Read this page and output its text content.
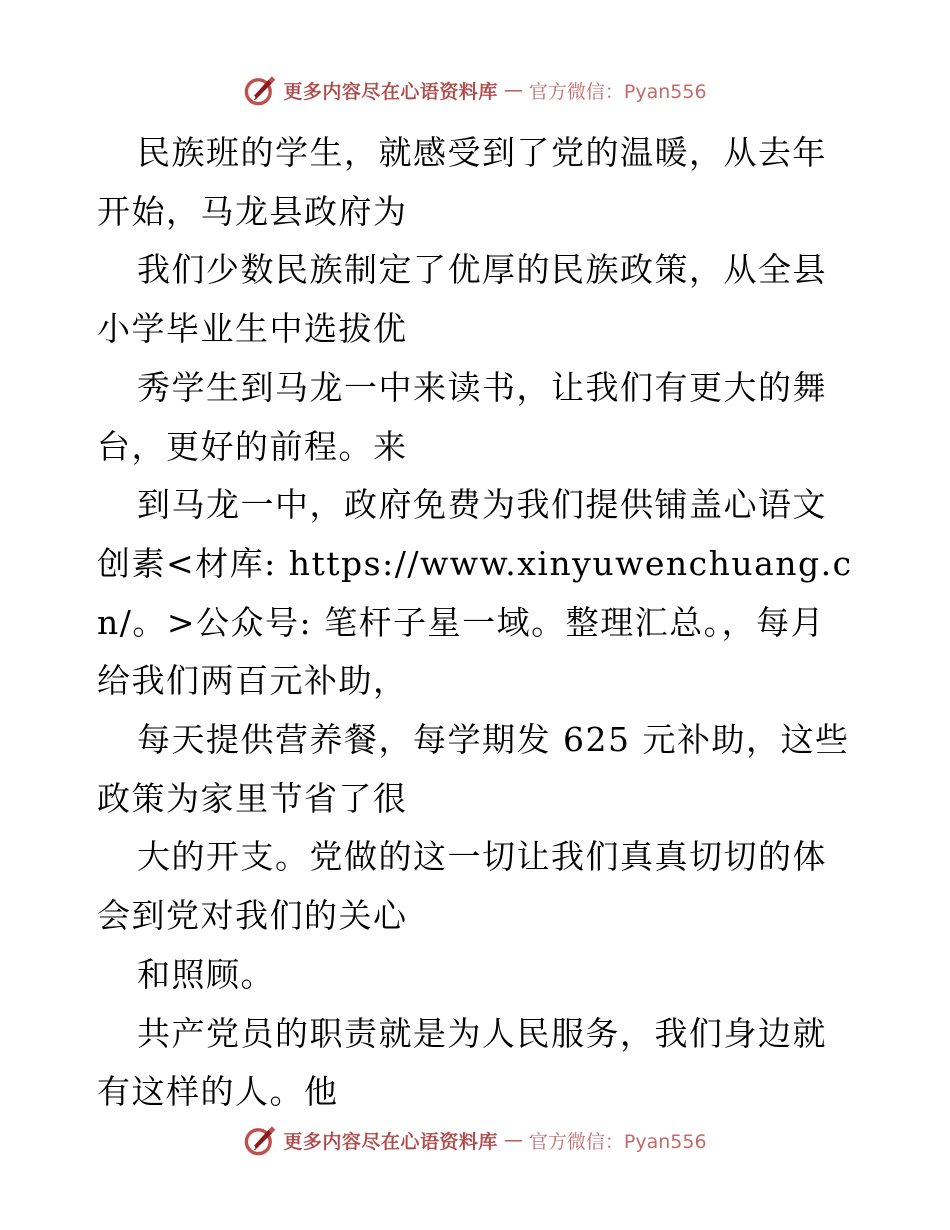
更多内容尽在心语资料库 — 官方微信：Pyan556

民族班的学生，就感受到了党的温暖，从去年开始，马龙县政府为

我们少数民族制定了优厚的民族政策，从全县小学毕业生中选拔优

秀学生到马龙一中来读书，让我们有更大的舞台，更好的前程。来

到马龙一中，政府免费为我们提供铺盖心语文创素<材库: https://www.xinyuwenchuang.cn/。>公众号: 笔杆子星一域。整理汇总。，每月给我们两百元补助，

每天提供营养餐，每学期发 625 元补助，这些政策为家里节省了很

大的开支。党做的这一切让我们真真切切的体会到党对我们的关心

和照顾。

共产党员的职责就是为人民服务，我们身边就有这样的人。他

更多内容尽在心语资料库 — 官方微信：Pyan556
